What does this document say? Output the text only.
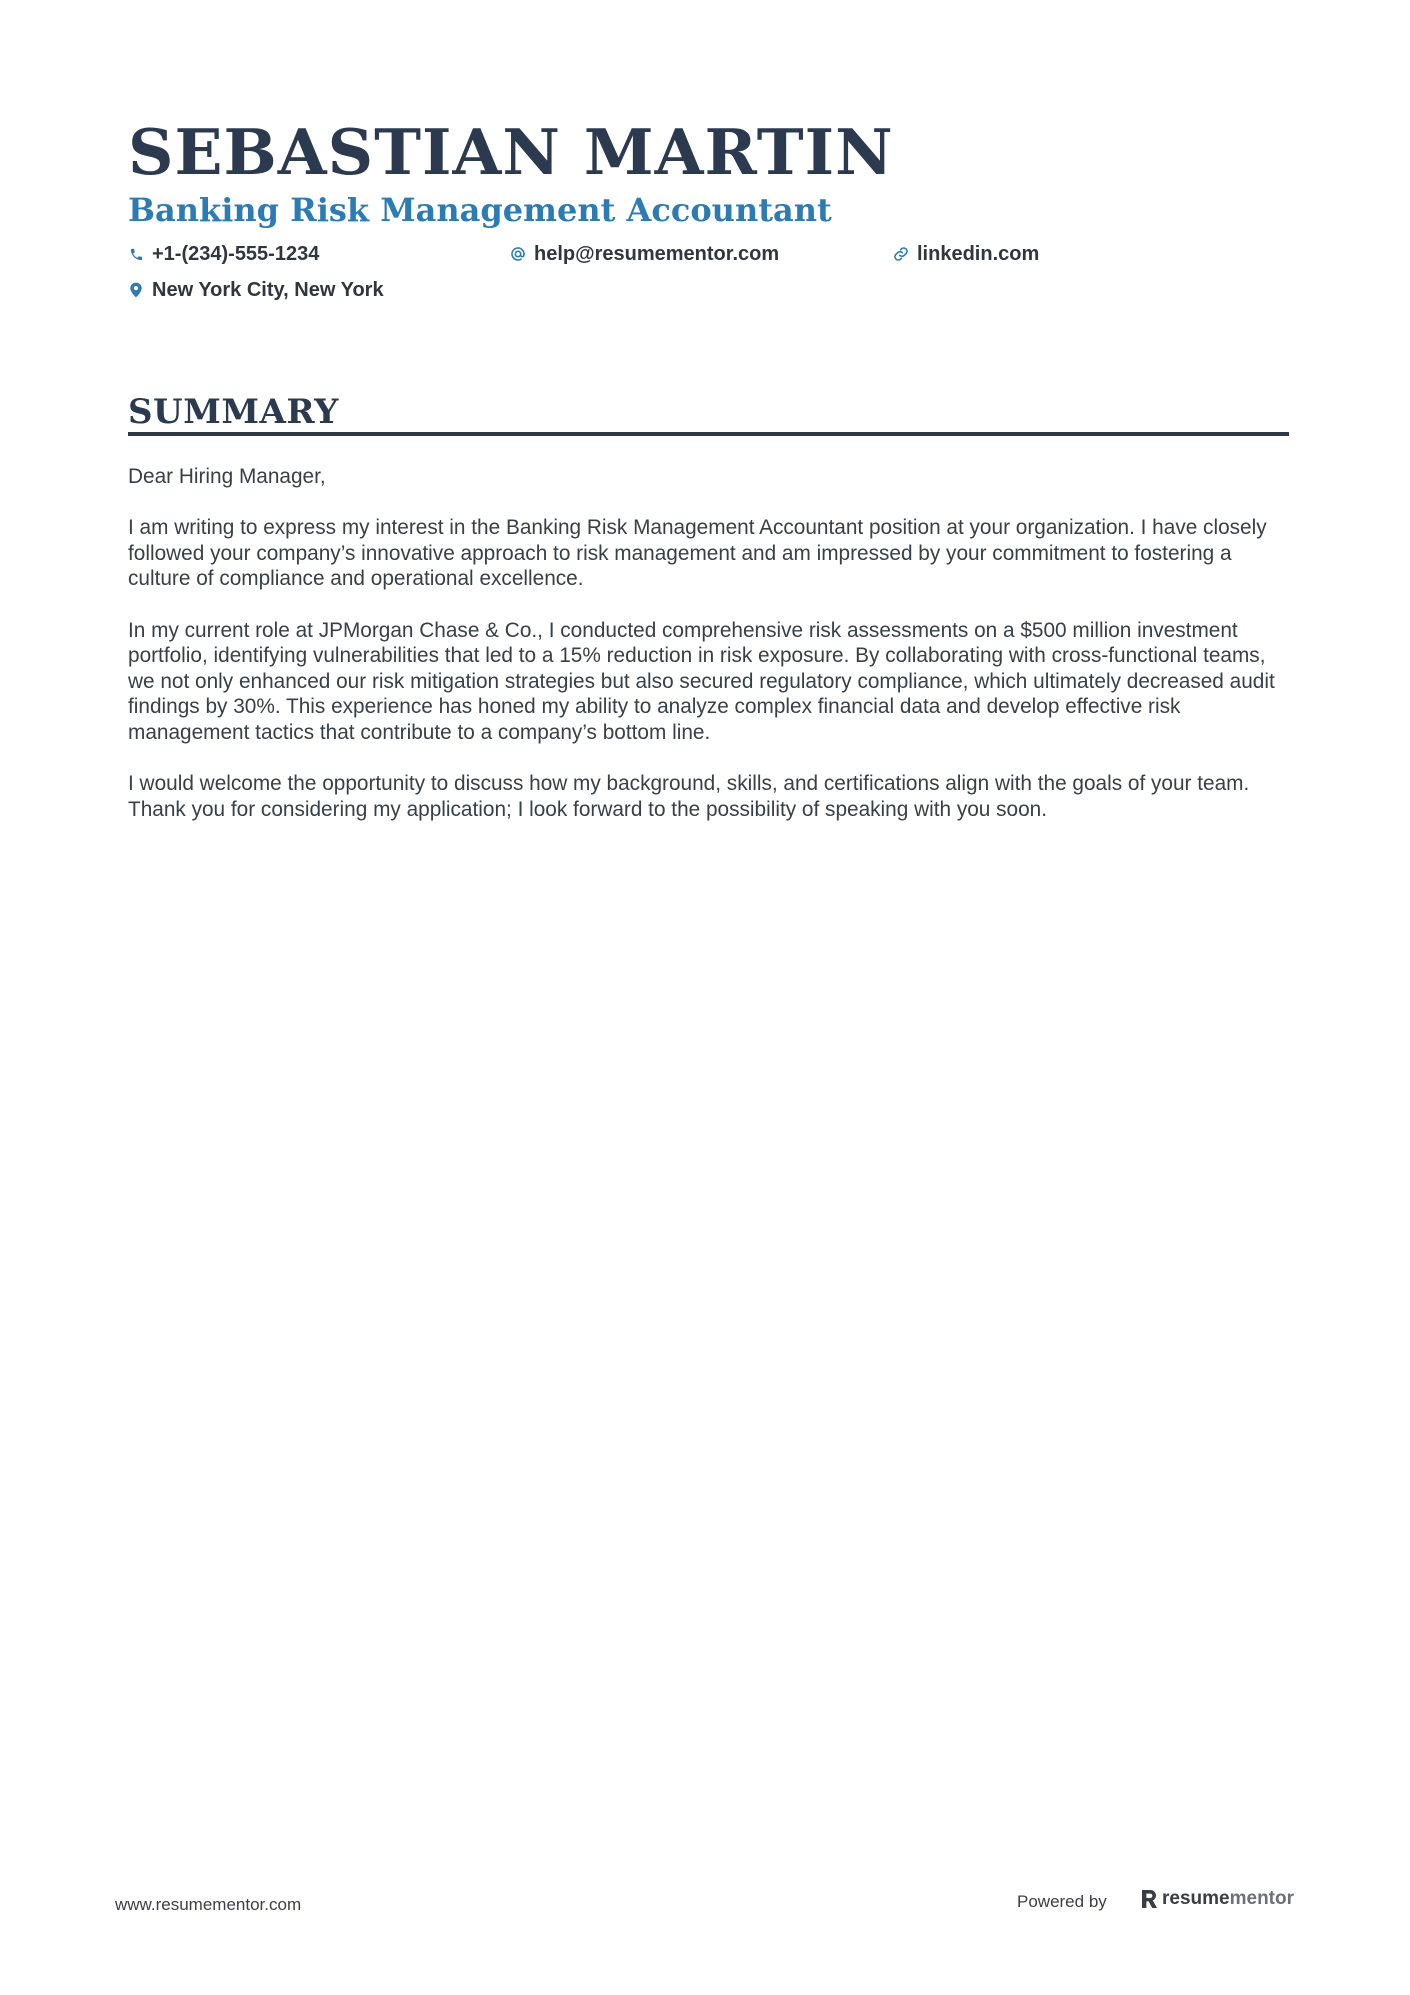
SEBASTIAN MARTIN
Banking Risk Management Accountant
+1-(234)-555-1234	help@resumementor.com	linkedin.com
New York City, New York
SUMMARY

Dear Hiring Manager,

I am writing to express my interest in the Banking Risk Management Accountant position at your organization. I have closely followed your company’s innovative approach to risk management and am impressed by your commitment to fostering a culture of compliance and operational excellence.

In my current role at JPMorgan Chase & Co., I conducted comprehensive risk assessments on a $500 million investment portfolio, identifying vulnerabilities that led to a 15% reduction in risk exposure. By collaborating with cross-functional teams, we not only enhanced our risk mitigation strategies but also secured regulatory compliance, which ultimately decreased audit findings by 30%. This experience has honed my ability to analyze complex financial data and develop effective risk management tactics that contribute to a company’s bottom line.

I would welcome the opportunity to discuss how my background, skills, and certifications align with the goals of your team. Thank you for considering my application; I look forward to the possibility of speaking with you soon.

www.resumementor.com	Powered by	resume mentor
